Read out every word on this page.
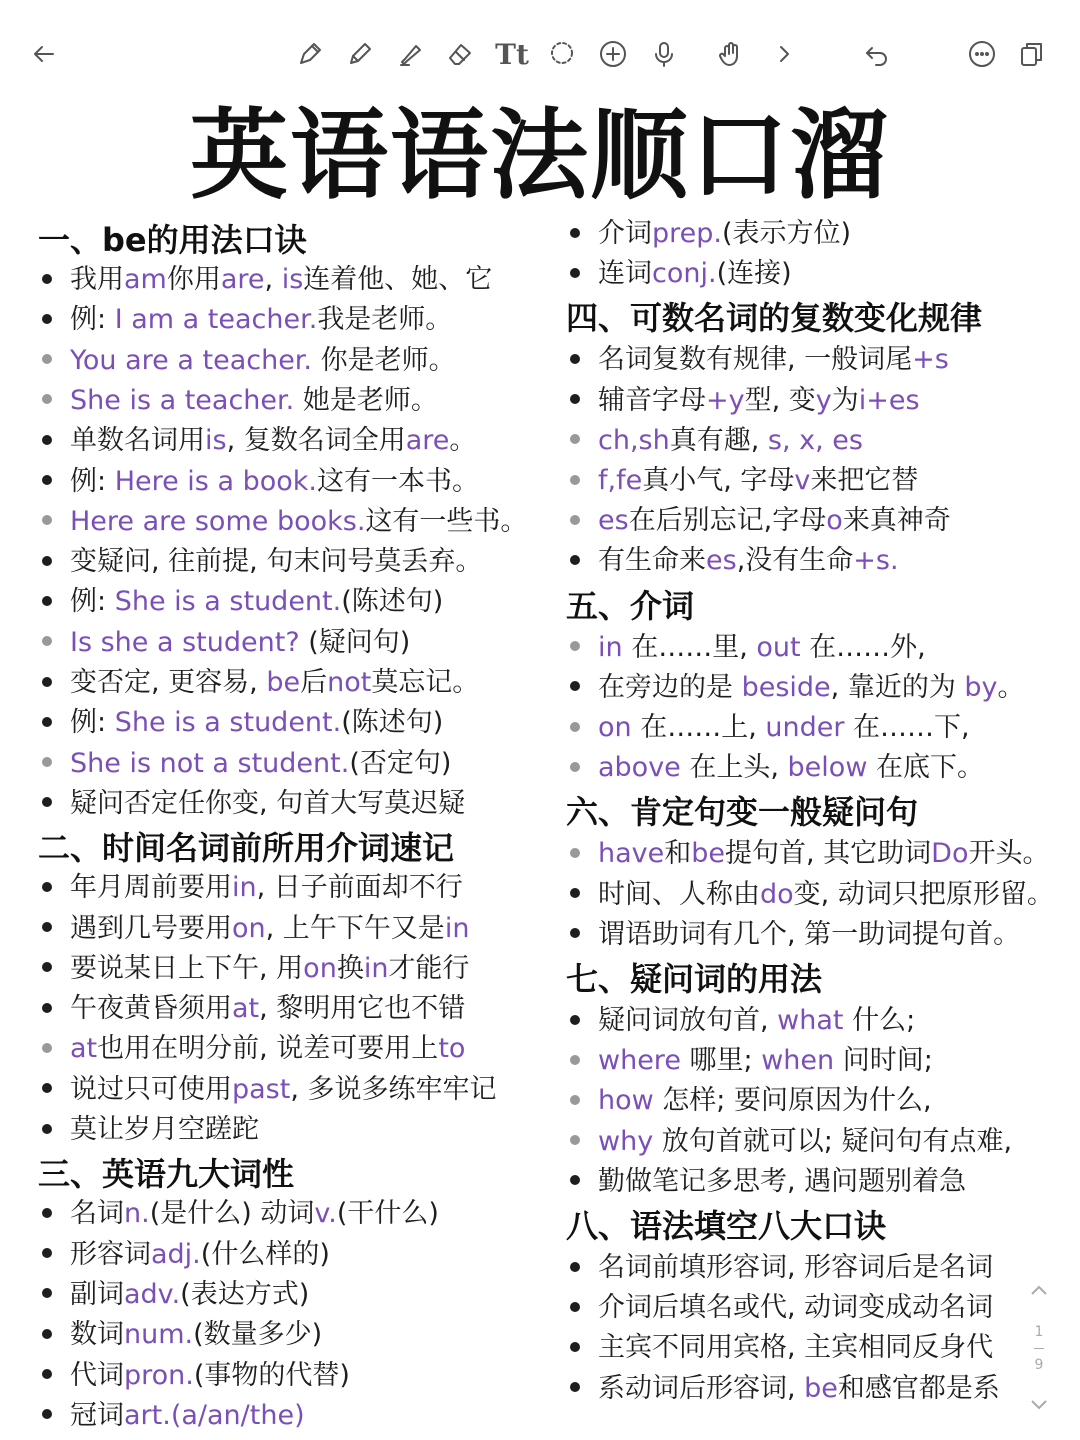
Tt
英语语法顺口溜
一、be的用法口诀
我用am你用are, is连着他、她、它
例: I am a teacher.我是老师。
You are a teacher. 你是老师。
She is a teacher. 她是老师。
单数名词用is, 复数名词全用are。
例: Here is a book.这有一本书。
Here are some books.这有一些书。
变疑问, 往前提, 句末问号莫丢弃。
例: She is a student.(陈述句)
Is she a student? (疑问句)
变否定, 更容易, be后not莫忘记。
例: She is a student.(陈述句)
She is not a student.(否定句)
疑问否定任你变, 句首大写莫迟疑
二、时间名词前所用介词速记
年月周前要用in, 日子前面却不行
遇到几号要用on, 上午下午又是in
要说某日上下午, 用on换in才能行
午夜黄昏须用at, 黎明用它也不错
at也用在明分前, 说差可要用上to
说过只可使用past, 多说多练牢牢记
莫让岁月空蹉跎
三、英语九大词性
名词n.(是什么) 动词v.(干什么)
形容词adj.(什么样的)
副词adv.(表达方式)
数词num.(数量多少)
代词pron.(事物的代替)
冠词art.(a/an/the)
介词prep.(表示方位)
连词conj.(连接)
四、可数名词的复数变化规律
名词复数有规律, 一般词尾+s
辅音字母+y型, 变y为i+es
ch,sh真有趣, s, x, es
f,fe真小气, 字母v来把它替
es在后别忘记,字母o来真神奇
有生命来es,没有生命+s.
五、介词
in 在……里, out 在……外,
在旁边的是 beside, 靠近的为 by。
on 在……上, under 在……下,
above 在上头, below 在底下。
六、肯定句变一般疑问句
have和be提句首, 其它助词Do开头。
时间、人称由do变, 动词只把原形留。
谓语助词有几个, 第一助词提句首。
七、疑问词的用法
疑问词放句首, what 什么;
where 哪里; when 问时间;
how 怎样; 要问原因为什么,
why 放句首就可以; 疑问句有点难,
勤做笔记多思考, 遇问题别着急
八、语法填空八大口诀
名词前填形容词, 形容词后是名词
介词后填名或代, 动词变成动名词
主宾不同用宾格, 主宾相同反身代
系动词后形容词, be和感官都是系
1
9
